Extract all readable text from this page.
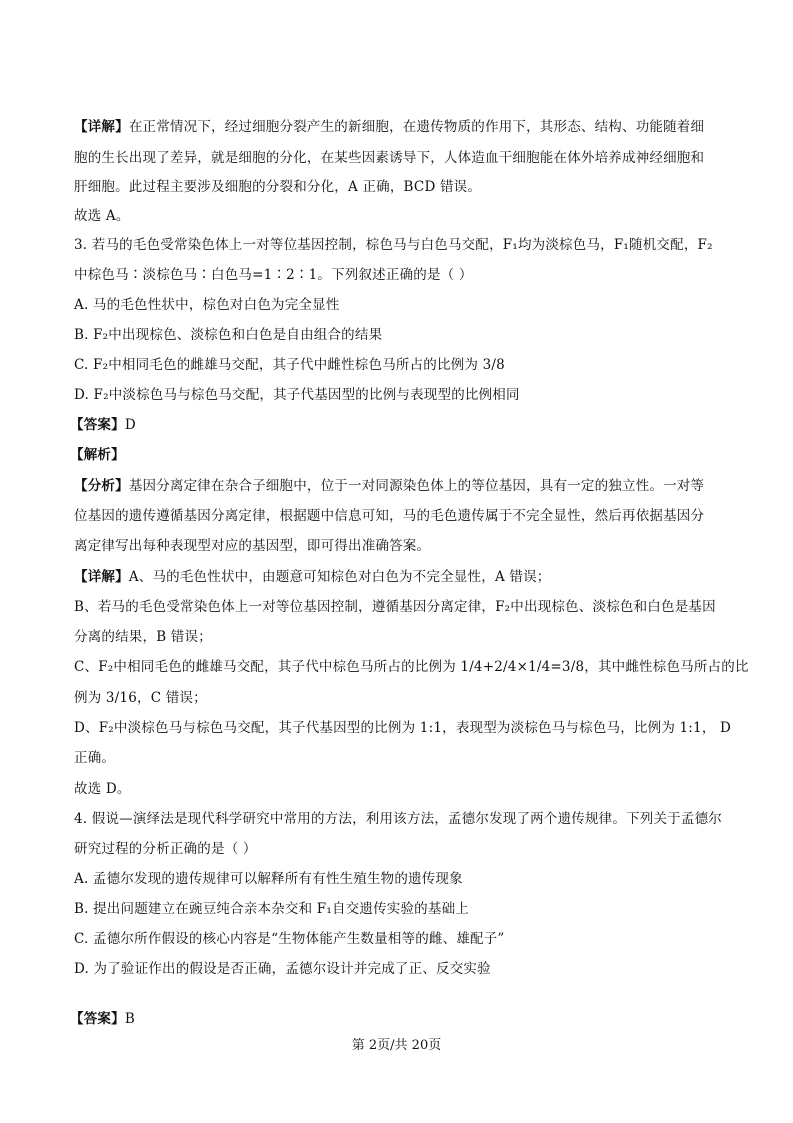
【详解】在正常情况下，经过细胞分裂产生的新细胞，在遗传物质的作用下，其形态、结构、功能随着细
胞的生长出现了差异，就是细胞的分化，在某些因素诱导下，人体造血干细胞能在体外培养成神经细胞和
肝细胞。此过程主要涉及细胞的分裂和分化，A 正确，BCD 错误。
故选 A。
3. 若马的毛色受常染色体上一对等位基因控制，棕色马与白色马交配，F₁均为淡棕色马，F₁随机交配，F₂
中棕色马∶淡棕色马∶白色马=1∶2∶1。下列叙述正确的是（ ）
A. 马的毛色性状中，棕色对白色为完全显性
B. F₂中出现棕色、淡棕色和白色是自由组合的结果
C. F₂中相同毛色的雌雄马交配，其子代中雌性棕色马所占的比例为 3/8
D. F₂中淡棕色马与棕色马交配，其子代基因型的比例与表现型的比例相同
【答案】D
【解析】
【分析】基因分离定律在杂合子细胞中，位于一对同源染色体上的等位基因，具有一定的独立性。一对等
位基因的遗传遵循基因分离定律，根据题中信息可知，马的毛色遗传属于不完全显性，然后再依据基因分
离定律写出每种表现型对应的基因型，即可得出准确答案。
【详解】A、马的毛色性状中，由题意可知棕色对白色为不完全显性，A 错误；
B、若马的毛色受常染色体上一对等位基因控制，遵循基因分离定律，F₂中出现棕色、淡棕色和白色是基因
分离的结果，B 错误；
C、F₂中相同毛色的雌雄马交配，其子代中棕色马所占的比例为 1/4+2/4×1/4=3/8，其中雌性棕色马所占的比
例为 3/16，C 错误；
D、F₂中淡棕色马与棕色马交配，其子代基因型的比例为 1:1，表现型为淡棕色马与棕色马，比例为 1:1， D
正确。
故选 D。
4. 假说—演绎法是现代科学研究中常用的方法，利用该方法，孟德尔发现了两个遗传规律。下列关于孟德尔
研究过程的分析正确的是（ ）
A. 孟德尔发现的遗传规律可以解释所有有性生殖生物的遗传现象
B. 提出问题建立在豌豆纯合亲本杂交和 F₁自交遗传实验的基础上
C. 孟德尔所作假设的核心内容是“生物体能产生数量相等的雌、雄配子”
D. 为了验证作出的假设是否正确，孟德尔设计并完成了正、反交实验
【答案】B
第 2页/共 20页
